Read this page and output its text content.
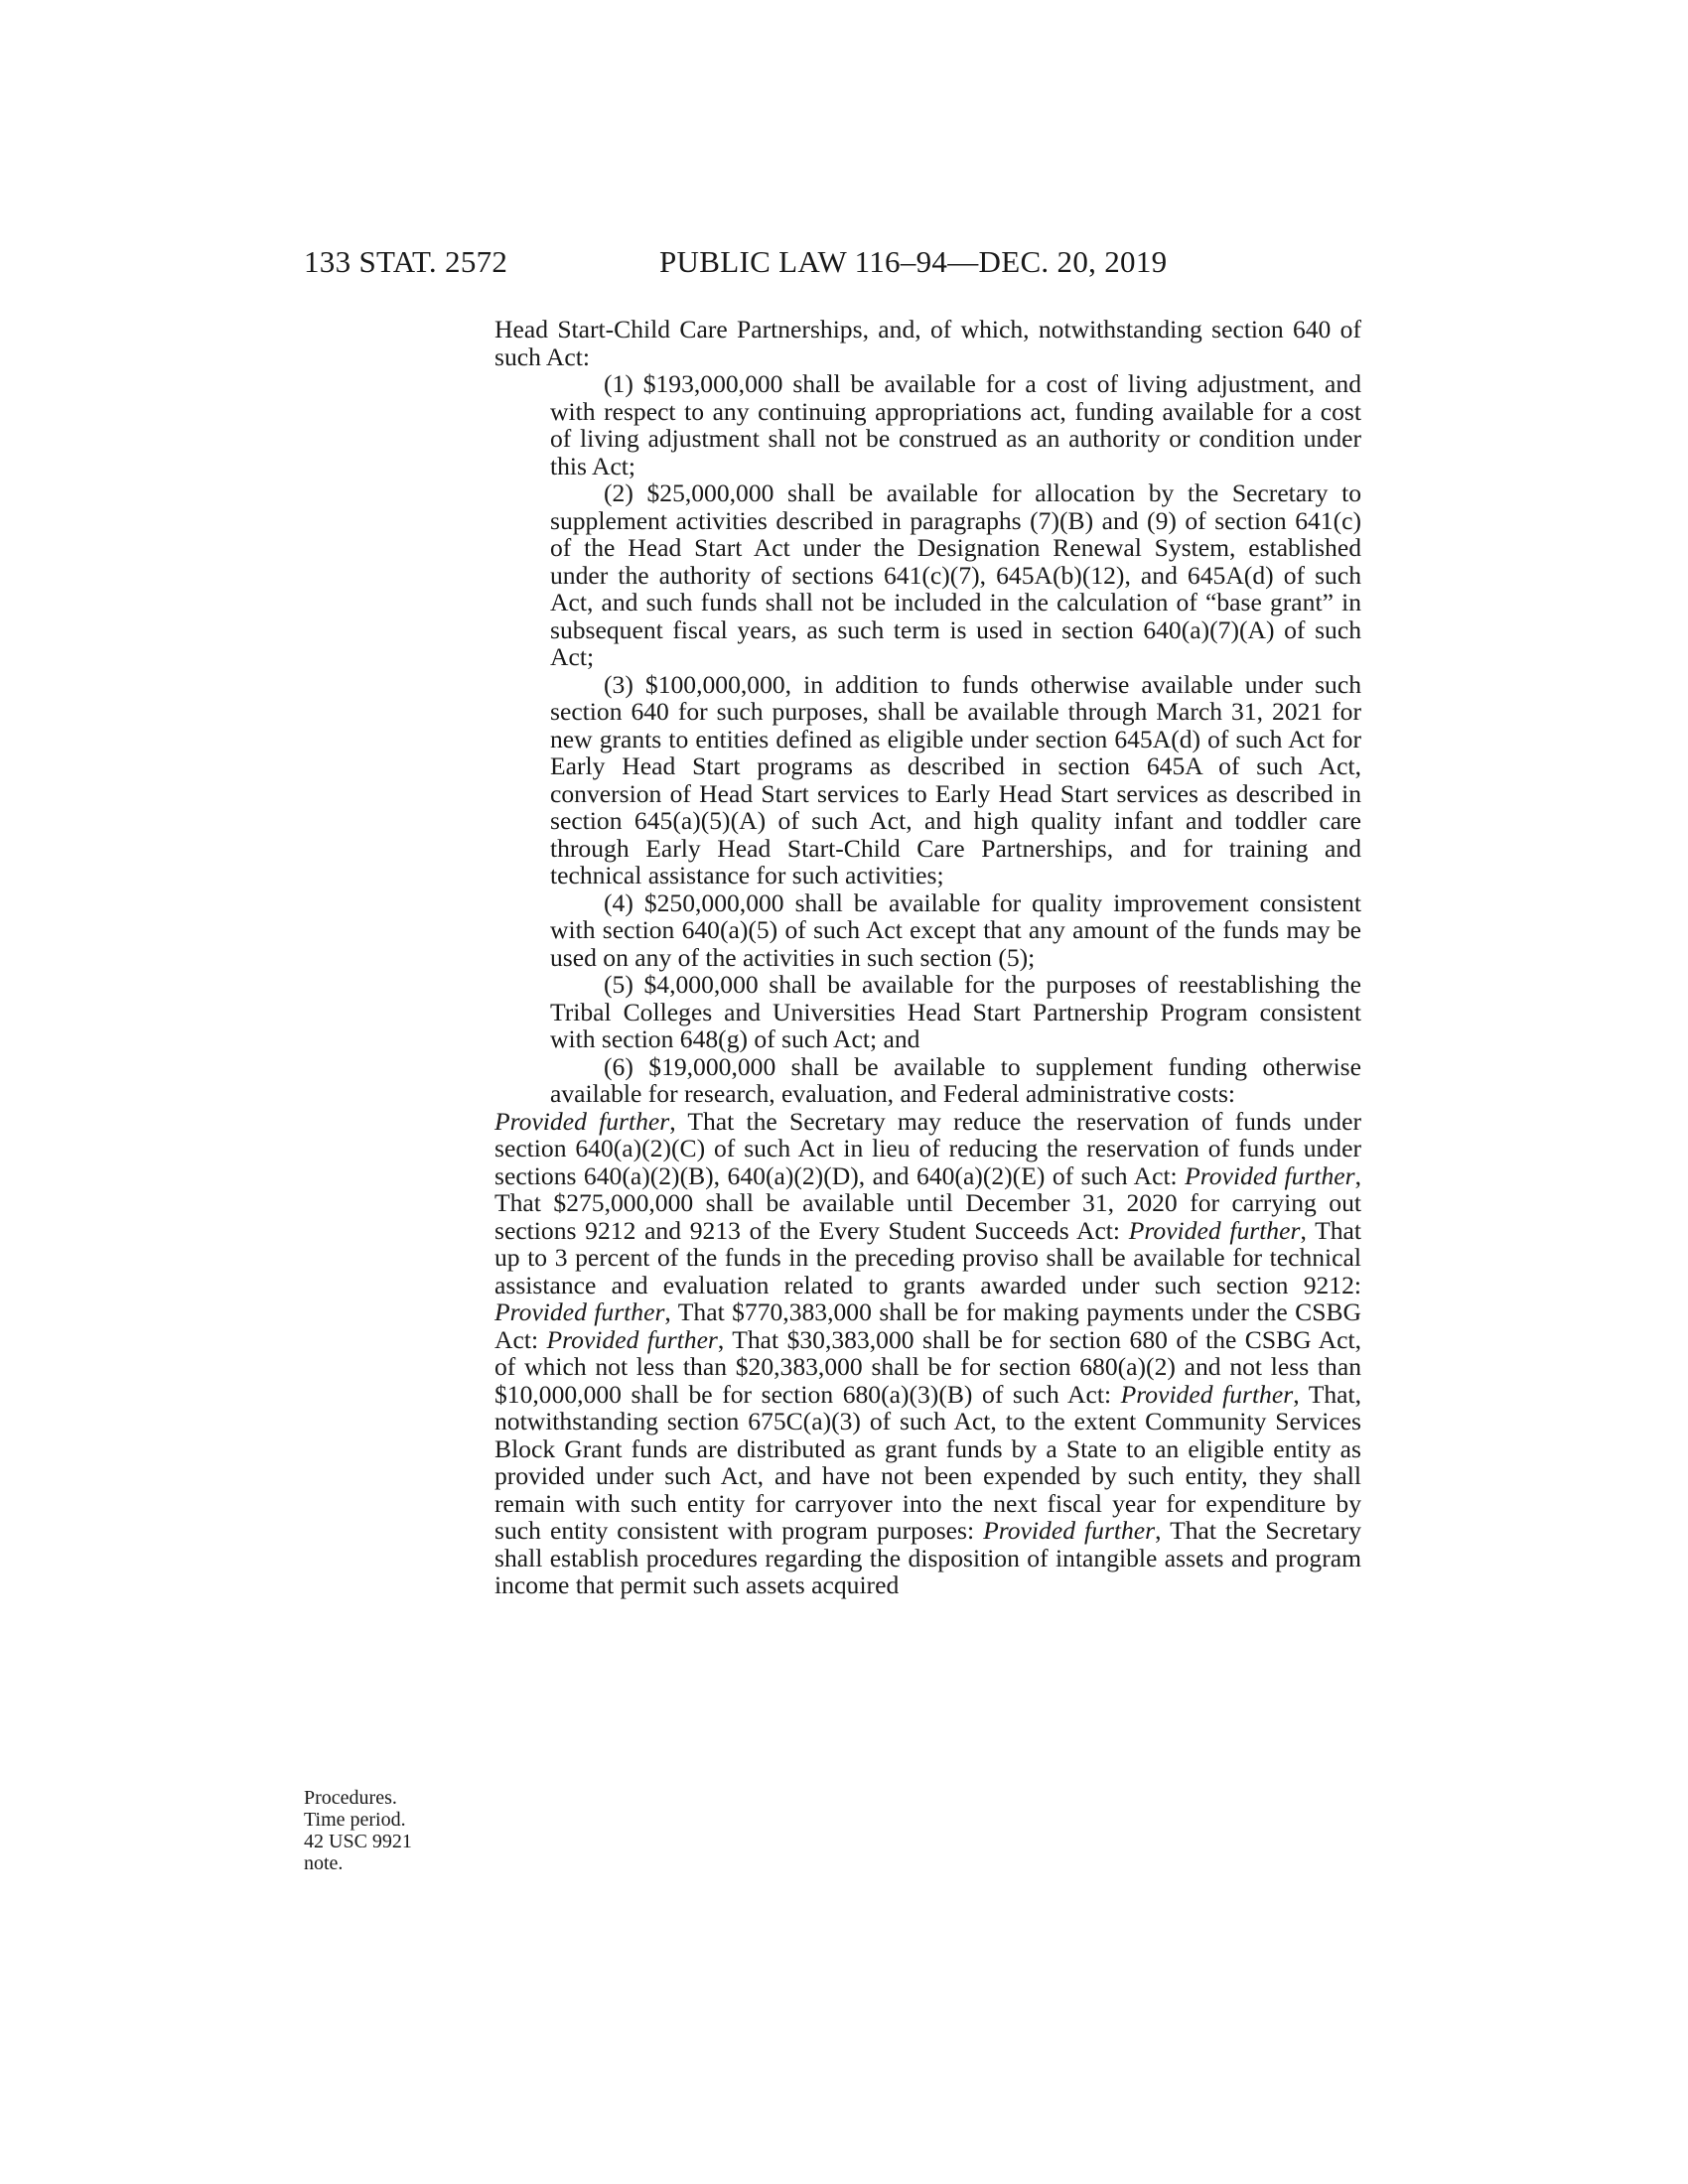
133 STAT. 2572	PUBLIC LAW 116–94—DEC. 20, 2019

Head Start-Child Care Partnerships, and, of which, notwithstanding section 640 of such Act:

(1) $193,000,000 shall be available for a cost of living adjustment, and with respect to any continuing appropriations act, funding available for a cost of living adjustment shall not be construed as an authority or condition under this Act;

(2) $25,000,000 shall be available for allocation by the Secretary to supplement activities described in paragraphs (7)(B) and (9) of section 641(c) of the Head Start Act under the Designation Renewal System, established under the authority of sections 641(c)(7), 645A(b)(12), and 645A(d) of such Act, and such funds shall not be included in the calculation of “base grant” in subsequent fiscal years, as such term is used in section 640(a)(7)(A) of such Act;

(3) $100,000,000, in addition to funds otherwise available under such section 640 for such purposes, shall be available through March 31, 2021 for new grants to entities defined as eligible under section 645A(d) of such Act for Early Head Start programs as described in section 645A of such Act, conversion of Head Start services to Early Head Start services as described in section 645(a)(5)(A) of such Act, and high quality infant and toddler care through Early Head Start-Child Care Partnerships, and for training and technical assistance for such activities;

(4) $250,000,000 shall be available for quality improvement consistent with section 640(a)(5) of such Act except that any amount of the funds may be used on any of the activities in such section (5);

(5) $4,000,000 shall be available for the purposes of reestablishing the Tribal Colleges and Universities Head Start Partnership Program consistent with section 648(g) of such Act; and

(6) $19,000,000 shall be available to supplement funding otherwise available for research, evaluation, and Federal administrative costs:

Provided further, That the Secretary may reduce the reservation of funds under section 640(a)(2)(C) of such Act in lieu of reducing the reservation of funds under sections 640(a)(2)(B), 640(a)(2)(D), and 640(a)(2)(E) of such Act: Provided further, That $275,000,000 shall be available until December 31, 2020 for carrying out sections 9212 and 9213 of the Every Student Succeeds Act: Provided further, That up to 3 percent of the funds in the preceding proviso shall be available for technical assistance and evaluation related to grants awarded under such section 9212: Provided further, That $770,383,000 shall be for making payments under the CSBG Act: Provided further, That $30,383,000 shall be for section 680 of the CSBG Act, of which not less than $20,383,000 shall be for section 680(a)(2) and not less than $10,000,000 shall be for section 680(a)(3)(B) of such Act: Provided further, That, notwithstanding section 675C(a)(3) of such Act, to the extent Community Services Block Grant funds are distributed as grant funds by a State to an eligible entity as provided under such Act, and have not been expended by such entity, they shall remain with such entity for carryover into the next fiscal year for expenditure by such entity consistent with program purposes: Provided further, That the Secretary shall establish procedures regarding the disposition of intangible assets and program income that permit such assets acquired

Procedures.
Time period.
42 USC 9921
note.
